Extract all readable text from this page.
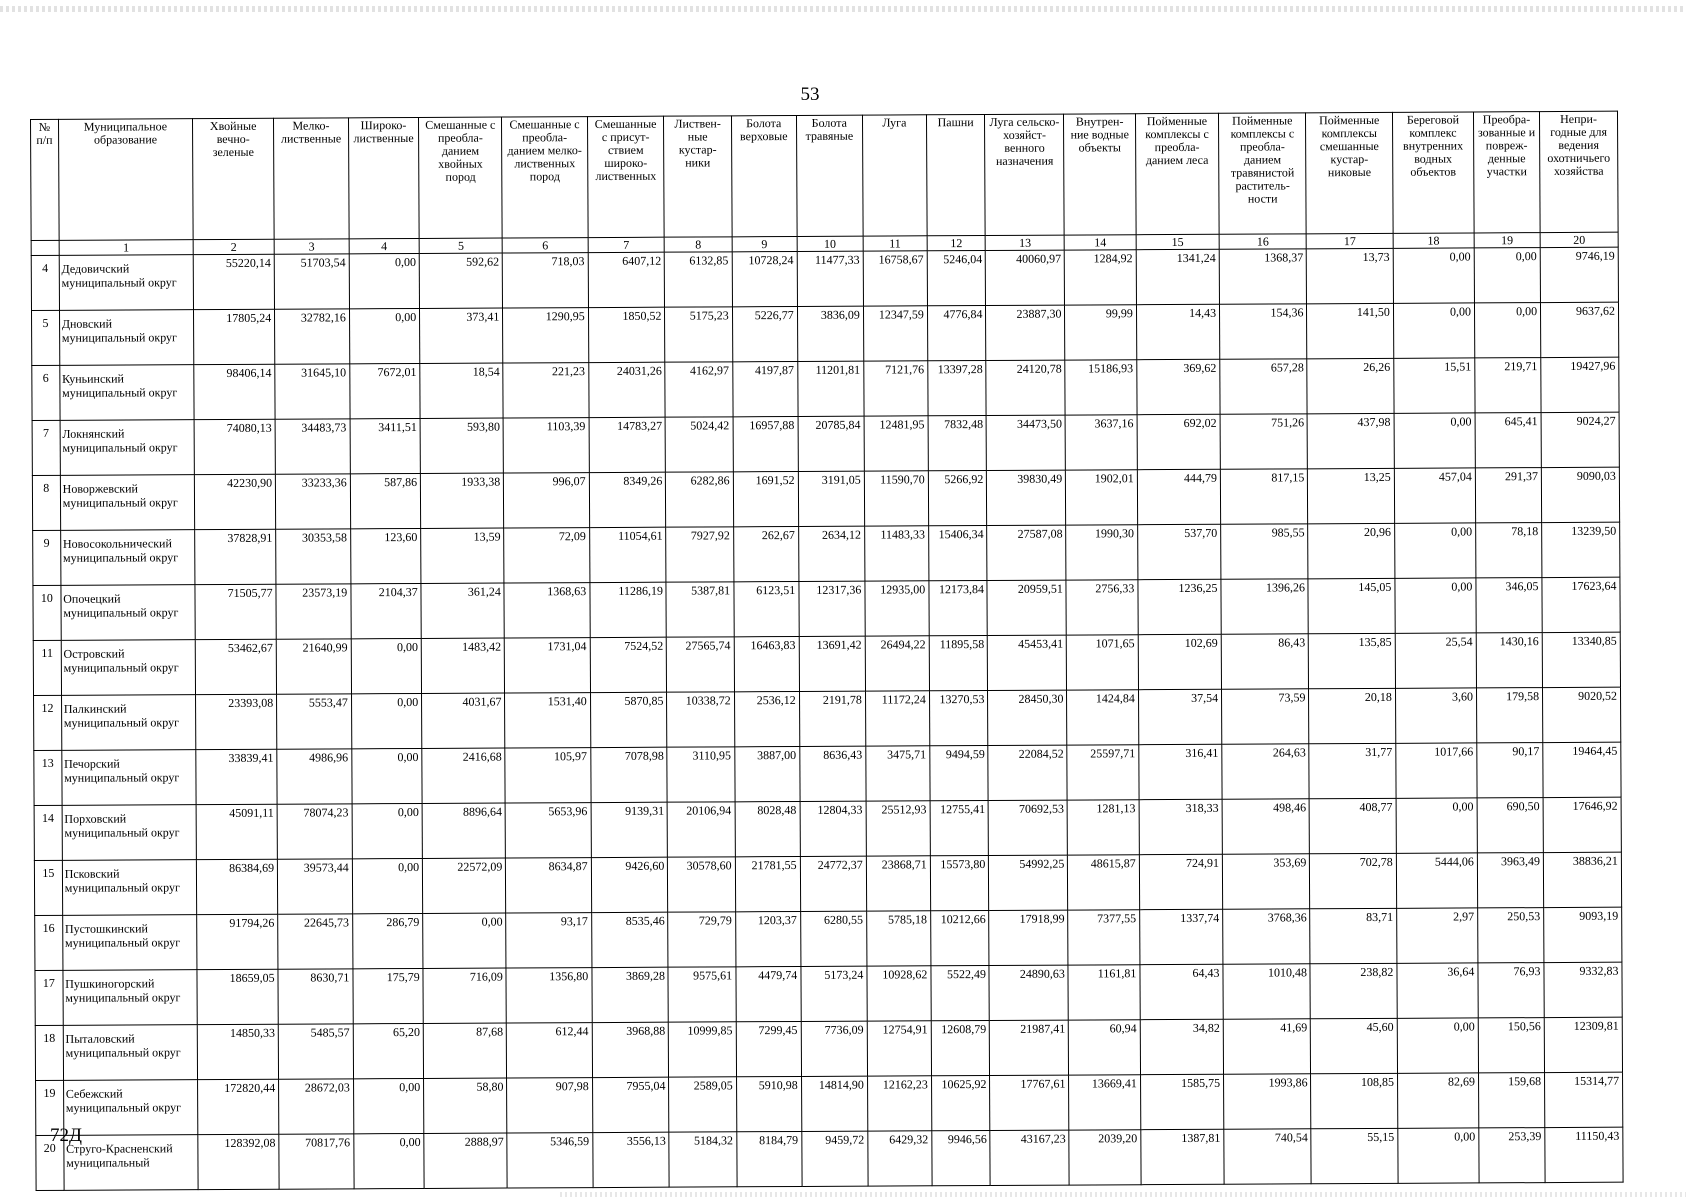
53
№ п/п	Муниципальное образование	Хвойные вечно-зеленые	Мелко-лиственные	Широко-лиственные	Смешанные с преобла-данием хвойных пород	Смешанные с преобла-данием мелко-лиственных пород	Смешанные с присут-ствием широко-лиственных	Листвен-ные кустар-ники	Болота верховые	Болота травяные	Луга	Пашни	Луга сельско-хозяйст-венного назначения	Внутрен-ние водные объекты	Пойменные комплексы с преобла-данием леса	Пойменные комплексы с преобла-данием травянистой раститель-ности	Пойменные комплексы смешанные кустар-никовые	Береговой комплекс внутренних водных объектов	Преобра-зованные и повреж-денные участки	Непри-годные для ведения охотничьего хозяйства
	1	2	3	4	5	6	7	8	9	10	11	12	13	14	15	16	17	18	19	20
4	Дедовичский муниципальный округ	55220,14	51703,54	0,00	592,62	718,03	6407,12	6132,85	10728,24	11477,33	16758,67	5246,04	40060,97	1284,92	1341,24	1368,37	13,73	0,00	0,00	9746,19
5	Дновский муниципальный округ	17805,24	32782,16	0,00	373,41	1290,95	1850,52	5175,23	5226,77	3836,09	12347,59	4776,84	23887,30	99,99	14,43	154,36	141,50	0,00	0,00	9637,62
6	Куньинский муниципальный округ	98406,14	31645,10	7672,01	18,54	221,23	24031,26	4162,97	4197,87	11201,81	7121,76	13397,28	24120,78	15186,93	369,62	657,28	26,26	15,51	219,71	19427,96
7	Локнянский муниципальный округ	74080,13	34483,73	3411,51	593,80	1103,39	14783,27	5024,42	16957,88	20785,84	12481,95	7832,48	34473,50	3637,16	692,02	751,26	437,98	0,00	645,41	9024,27
8	Новоржевский муниципальный округ	42230,90	33233,36	587,86	1933,38	996,07	8349,26	6282,86	1691,52	3191,05	11590,70	5266,92	39830,49	1902,01	444,79	817,15	13,25	457,04	291,37	9090,03
9	Новосокольнический муниципальный округ	37828,91	30353,58	123,60	13,59	72,09	11054,61	7927,92	262,67	2634,12	11483,33	15406,34	27587,08	1990,30	537,70	985,55	20,96	0,00	78,18	13239,50
10	Опочецкий муниципальный округ	71505,77	23573,19	2104,37	361,24	1368,63	11286,19	5387,81	6123,51	12317,36	12935,00	12173,84	20959,51	2756,33	1236,25	1396,26	145,05	0,00	346,05	17623,64
11	Островский муниципальный округ	53462,67	21640,99	0,00	1483,42	1731,04	7524,52	27565,74	16463,83	13691,42	26494,22	11895,58	45453,41	1071,65	102,69	86,43	135,85	25,54	1430,16	13340,85
12	Палкинский муниципальный округ	23393,08	5553,47	0,00	4031,67	1531,40	5870,85	10338,72	2536,12	2191,78	11172,24	13270,53	28450,30	1424,84	37,54	73,59	20,18	3,60	179,58	9020,52
13	Печорский муниципальный округ	33839,41	4986,96	0,00	2416,68	105,97	7078,98	3110,95	3887,00	8636,43	3475,71	9494,59	22084,52	25597,71	316,41	264,63	31,77	1017,66	90,17	19464,45
14	Порховский муниципальный округ	45091,11	78074,23	0,00	8896,64	5653,96	9139,31	20106,94	8028,48	12804,33	25512,93	12755,41	70692,53	1281,13	318,33	498,46	408,77	0,00	690,50	17646,92
15	Псковский муниципальный округ	86384,69	39573,44	0,00	22572,09	8634,87	9426,60	30578,60	21781,55	24772,37	23868,71	15573,80	54992,25	48615,87	724,91	353,69	702,78	5444,06	3963,49	38836,21
16	Пустошкинский муниципальный округ	91794,26	22645,73	286,79	0,00	93,17	8535,46	729,79	1203,37	6280,55	5785,18	10212,66	17918,99	7377,55	1337,74	3768,36	83,71	2,97	250,53	9093,19
17	Пушкиногорский муниципальный округ	18659,05	8630,71	175,79	716,09	1356,80	3869,28	9575,61	4479,74	5173,24	10928,62	5522,49	24890,63	1161,81	64,43	1010,48	238,82	36,64	76,93	9332,83
18	Пыталовский муниципальный округ	14850,33	5485,57	65,20	87,68	612,44	3968,88	10999,85	7299,45	7736,09	12754,91	12608,79	21987,41	60,94	34,82	41,69	45,60	0,00	150,56	12309,81
19	Себежский муниципальный округ	172820,44	28672,03	0,00	58,80	907,98	7955,04	2589,05	5910,98	14814,90	12162,23	10625,92	17767,61	13669,41	1585,75	1993,86	108,85	82,69	159,68	15314,77
20	Струго-Красненский муниципальный	128392,08	70817,76	0,00	2888,97	5346,59	3556,13	5184,32	8184,79	9459,72	6429,32	9946,56	43167,23	2039,20	1387,81	740,54	55,15	0,00	253,39	11150,43
72Д
